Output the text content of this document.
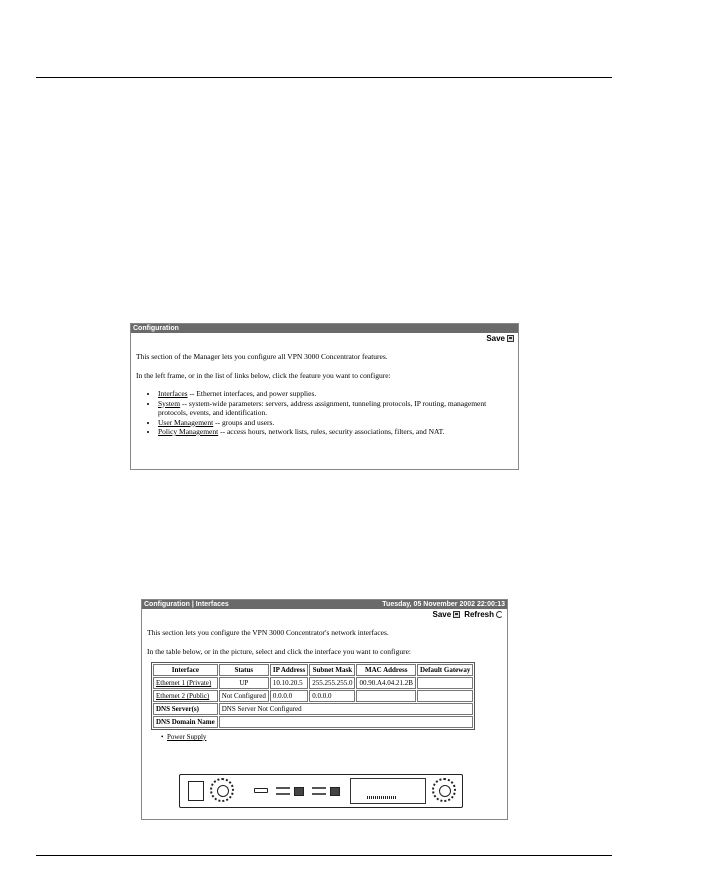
Configuration
Save
This section of the Manager lets you configure all VPN 3000 Concentrator features.
In the left frame, or in the list of links below, click the feature you want to configure:
• Interfaces -- Ethernet interfaces, and power supplies.
• System -- system-wide parameters: servers, address assignment, tunneling protocols, IP routing, management protocols, events, and identification.
• User Management -- groups and users.
• Policy Management -- access hours, network lists, rules, security associations, filters, and NAT.
Configuration | Interfaces	Tuesday, 05 November 2002 22:00:13
Save Refresh
This section lets you configure the VPN 3000 Concentrator's network interfaces.
In the table below, or in the picture, select and click the interface you want to configure:
Interface	Status	IP Address	Subnet Mask	MAC Address	Default Gateway
Ethernet 1 (Private)	UP	10.10.20.5	255.255.255.0	00.90.A4.04.21.2B	
Ethernet 2 (Public)	Not Configured	0.0.0.0	0.0.0.0		
DNS Server(s)	DNS Server Not Configured				
DNS Domain Name					
•  Power Supply
